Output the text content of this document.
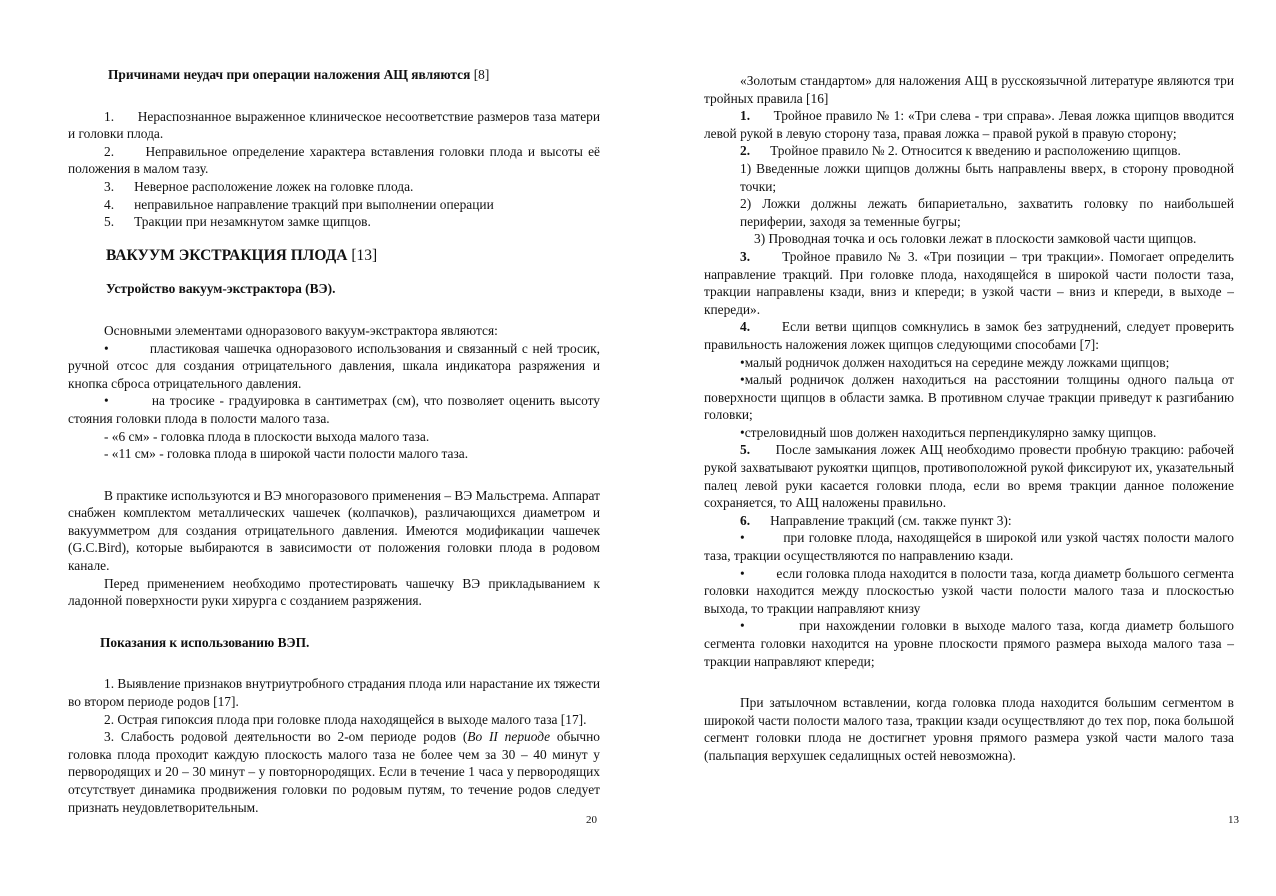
Причинами неудач при операции наложения АЩ являются [8]

1. Нераспознанное выраженное клиническое несоответствие размеров таза матери и головки плода.

2. Неправильное определение характера вставления головки плода и высоты её положения в малом тазу.

3. Неверное расположение ложек на головке плода.

4. неправильное направление тракций при выполнении операции

5. Тракции при незамкнутом замке щипцов.

ВАКУУМ ЭКСТРАКЦИЯ ПЛОДА [13]

Устройство вакуум-экстрактора (ВЭ).

Основными элементами одноразового вакуум-экстрактора являются:

•         пластиковая чашечка одноразового использования и связанный с ней тросик, ручной отсос для создания отрицательного давления, шкала индикатора разряжения и кнопка сброса отрицательного давления.

•         на тросике - градуировка в сантиметрах (см), что позволяет оценить высоту стояния головки плода в полости малого таза.

- «6 см» - головка плода в плоскости выхода малого таза.

- «11 см» - головка плода в широкой части полости малого таза.

В практике используются и ВЭ многоразового применения – ВЭ Мальстрема. Аппарат снабжен комплектом металлических чашечек (колпачков), различающихся диаметром и вакуумметром для создания отрицательного давления. Имеются модификации чашечек (G.C.Bird), которые выбираются в зависимости от положения головки плода в родовом канале.

Перед применением необходимо протестировать чашечку ВЭ прикладыванием к ладонной поверхности руки хирурга с созданием разряжения.

Показания к использованию ВЭП.

1. Выявление признаков внутриутробного страдания плода или нарастание их тяжести во втором периоде родов [17].

2. Острая гипоксия плода при головке плода находящейся в выходе малого таза [17].

3. Слабость родовой деятельности во 2-ом периоде родов (Во II периоде обычно головка плода проходит каждую плоскость малого таза не более чем за 30 – 40 минут у первородящих и 20 – 30 минут – у повторнородящих. Если в течение 1 часа у первородящих отсутствует динамика продвижения головки по родовым путям, то течение родов следует признать неудовлетворительным.

20

«Золотым стандартом» для наложения АЩ в русскоязычной литературе являются три тройных правила [16]

1. Тройное правило № 1: «Три слева - три справа». Левая ложка щипцов вводится левой рукой в левую сторону таза, правая ложка – правой рукой в правую сторону;

2. Тройное правило № 2. Относится к введению и расположению щипцов.

1) Введенные ложки щипцов должны быть направлены вверх, в сторону проводной точки;

2) Ложки должны лежать бипариетально, захватить головку по наибольшей периферии, заходя за теменные бугры;

3) Проводная точка и ось головки лежат в плоскости замковой части щипцов.

3. Тройное правило № 3. «Три позиции – три тракции». Помогает определить направление тракций. При головке плода, находящейся в широкой части полости таза, тракции направлены кзади, вниз и кпереди; в узкой части – вниз и кпереди, в выходе – кпереди».

4. Если ветви щипцов сомкнулись в замок без затруднений, следует проверить правильность наложения ложек щипцов следующими способами [7]:

•малый родничок должен находиться на середине между ложками щипцов;

•малый родничок должен находиться на расстоянии толщины одного пальца от поверхности щипцов в области замка. В противном случае тракции приведут к разгибанию головки;

•стреловидный шов должен находиться перпендикулярно замку щипцов.

5. После замыкания ложек АЩ необходимо провести пробную тракцию: рабочей рукой захватывают рукоятки щипцов, противоположной рукой фиксируют их, указательный палец левой руки касается головки плода, если во время тракции данное положение сохраняется, то АЩ наложены правильно.

6. Направление тракций (см. также пункт 3):

•         при головке плода, находящейся в широкой или узкой частях полости малого таза, тракции осуществляются по направлению кзади.

•         если головка плода находится в полости таза, когда диаметр большого сегмента головки находится между плоскостью узкой части полости малого таза и плоскостью выхода, то тракции направляют книзу

•         при нахождении головки в выходе малого таза, когда диаметр большого сегмента головки находится на уровне плоскости прямого размера выхода малого таза – тракции направляют кпереди;

При затылочном вставлении, когда головка плода находится большим сегментом в широкой части полости малого таза, тракции кзади осуществляют до тех пор, пока большой сегмент головки плода не достигнет уровня прямого размера узкой части малого таза (пальпация верхушек седалищных остей невозможна).

13
